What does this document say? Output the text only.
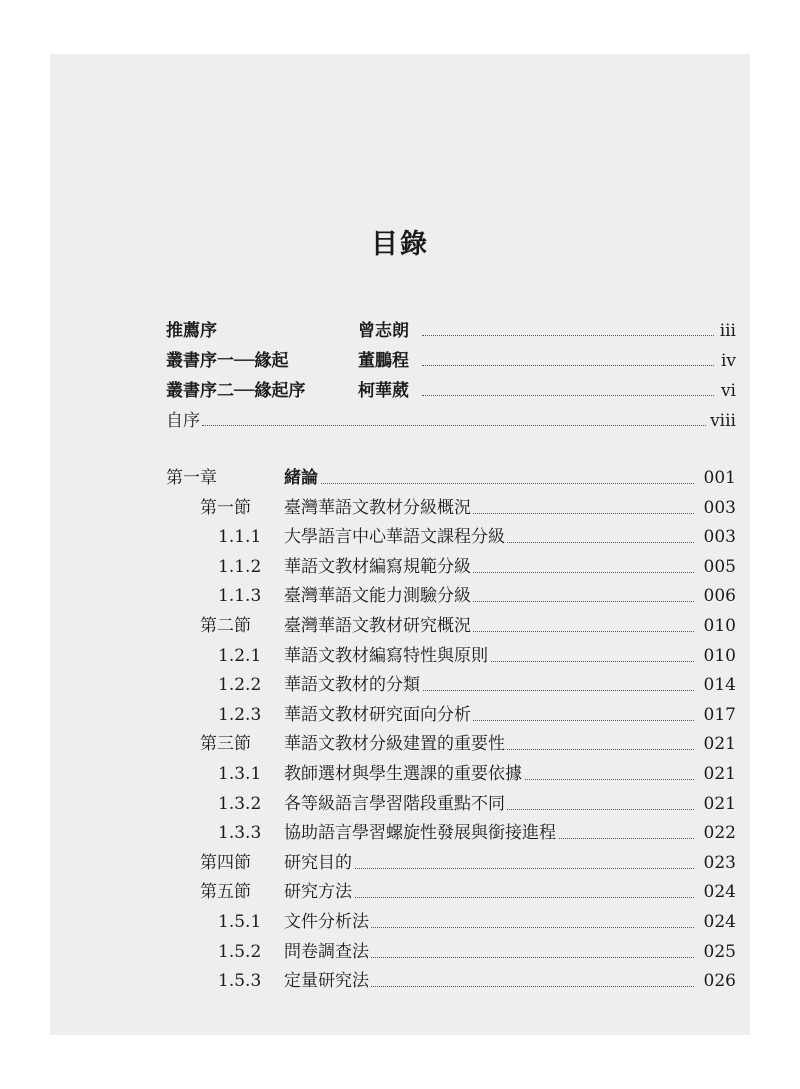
目錄
推薦序	曾志朗	iii
叢書序一──緣起	董鵬程	iv
叢書序二──緣起序	柯華葳	vi
自序	viii
第一章	緒論	001
第一節 臺灣華語文教材分級概況	003
1.1.1 大學語言中心華語文課程分級	003
1.1.2 華語文教材編寫規範分級	005
1.1.3 臺灣華語文能力測驗分級	006
第二節 臺灣華語文教材研究概況	010
1.2.1 華語文教材編寫特性與原則	010
1.2.2 華語文教材的分類	014
1.2.3 華語文教材研究面向分析	017
第三節 華語文教材分級建置的重要性	021
1.3.1 教師選材與學生選課的重要依據	021
1.3.2 各等級語言學習階段重點不同	021
1.3.3 協助語言學習螺旋性發展與銜接進程	022
第四節 研究目的	023
第五節 研究方法	024
1.5.1 文件分析法	024
1.5.2 問卷調查法	025
1.5.3 定量研究法	026
